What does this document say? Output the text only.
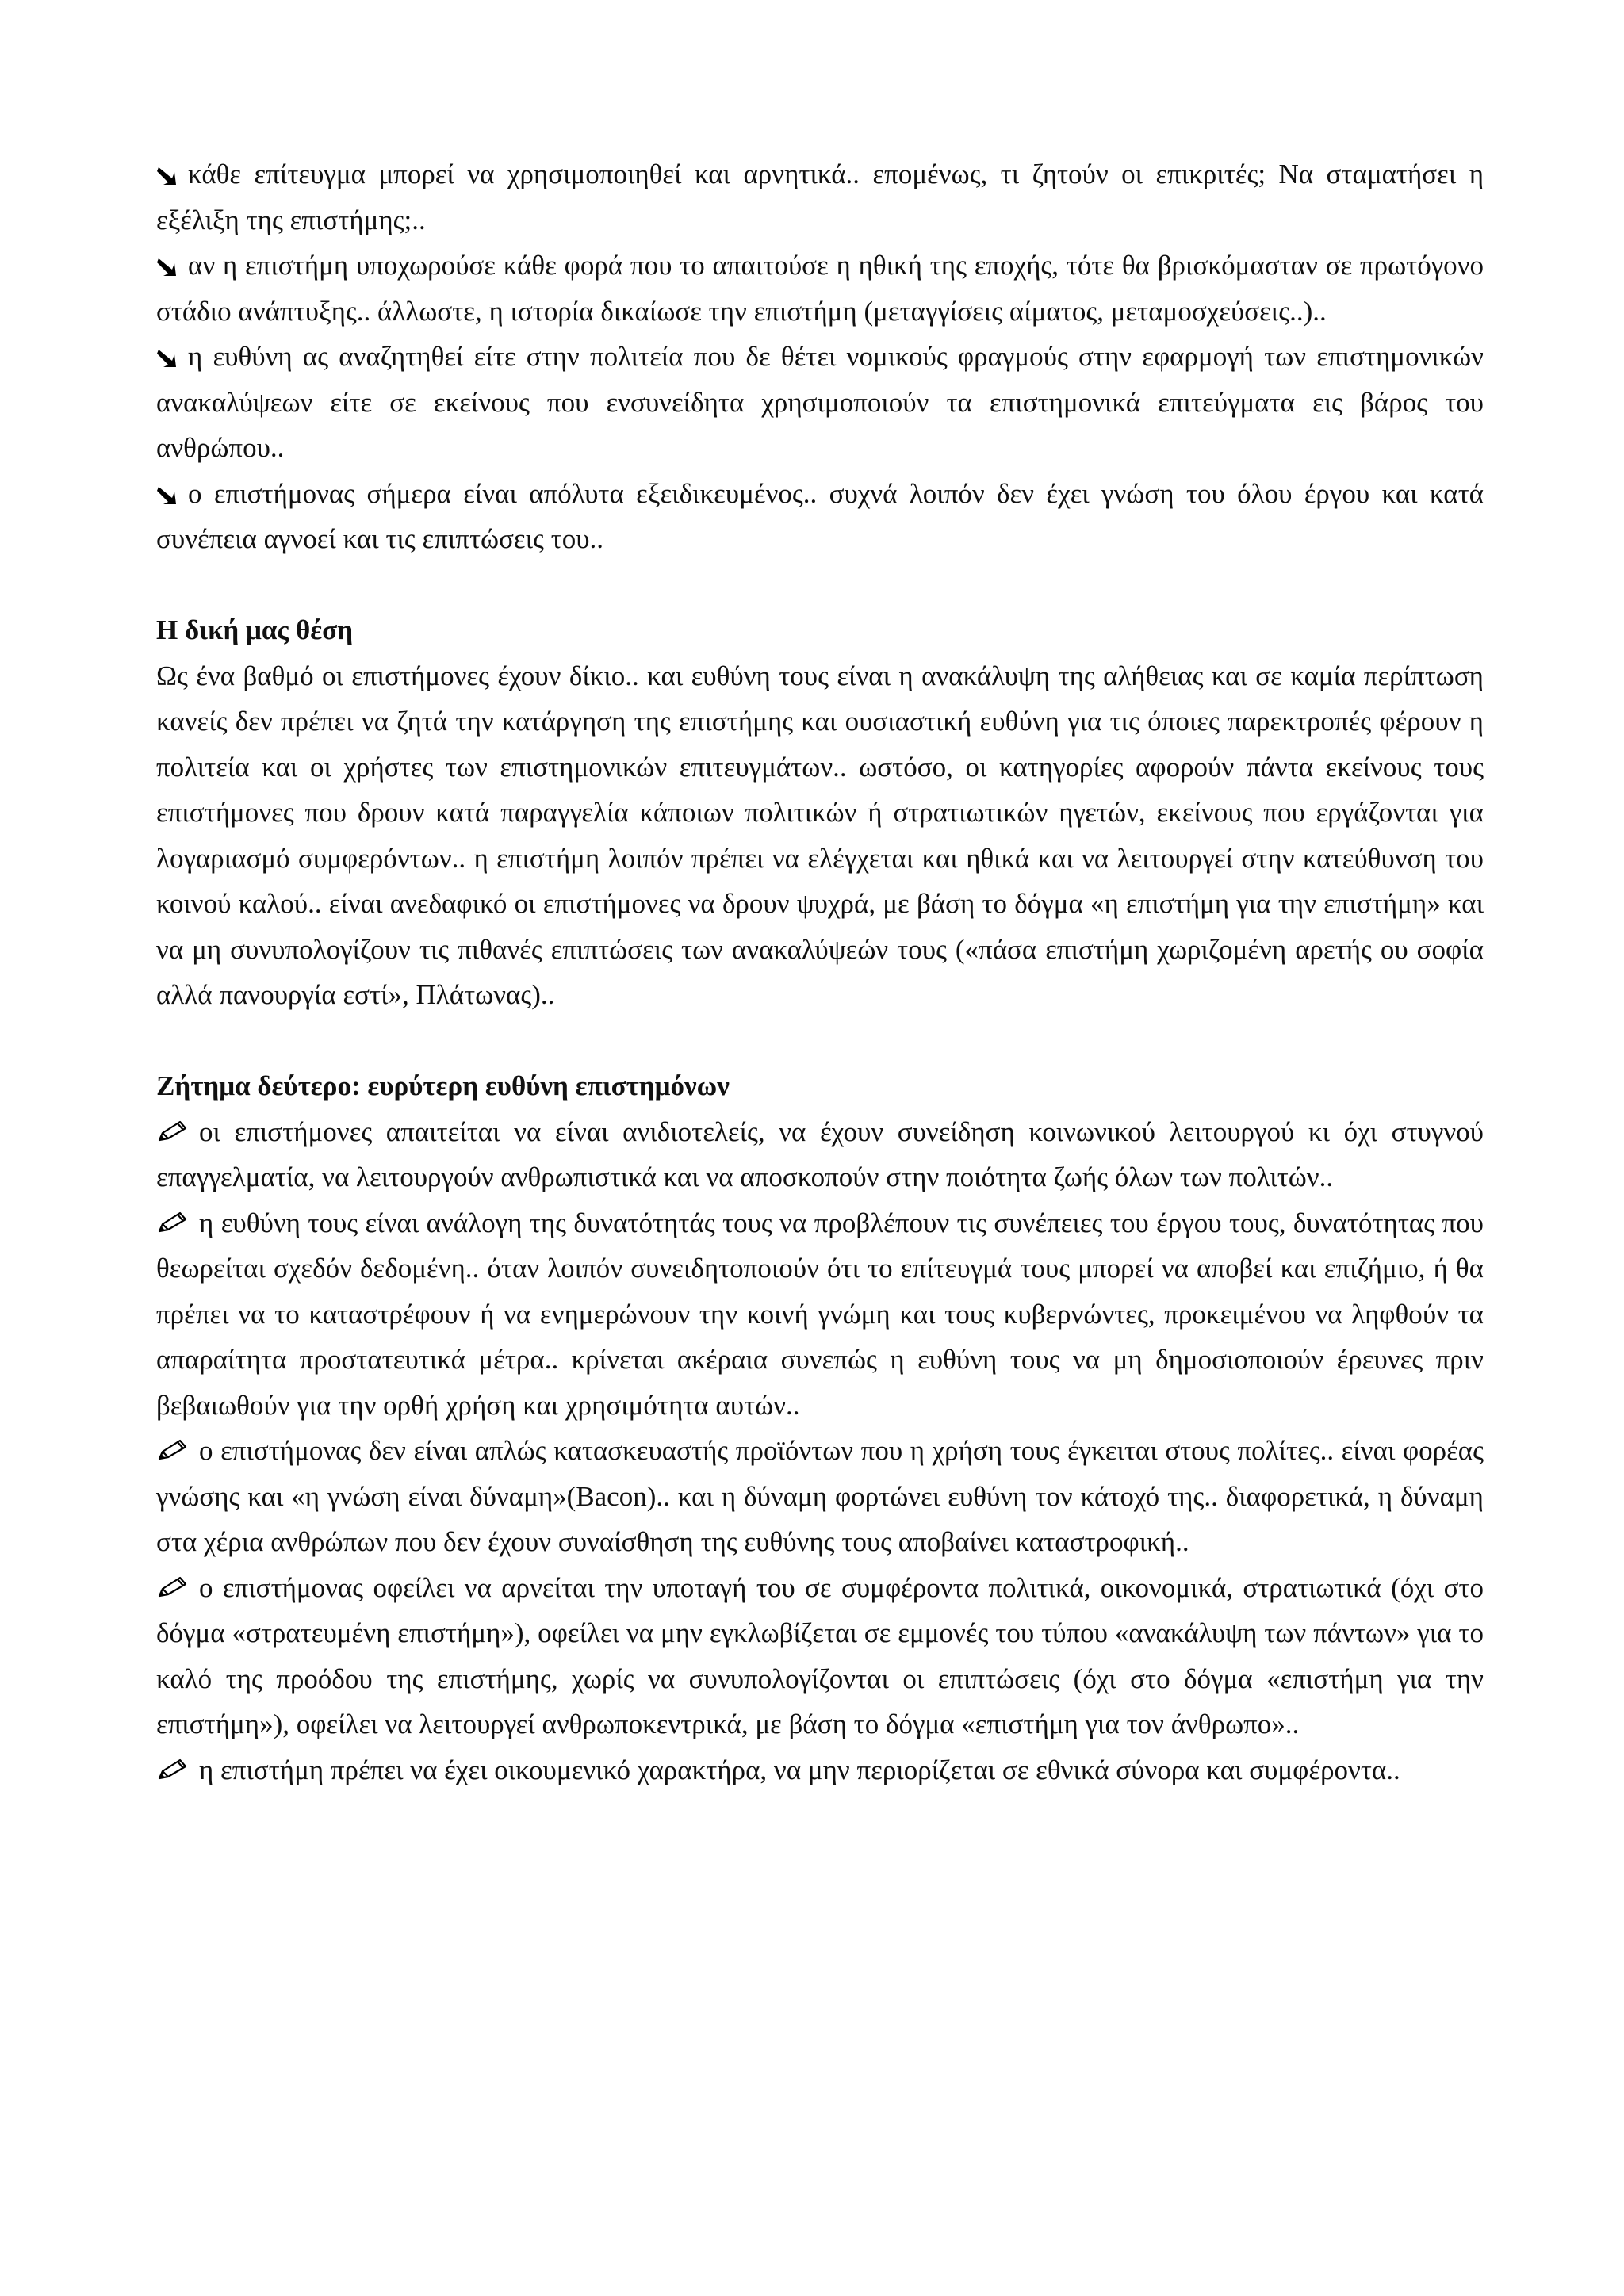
κάθε επίτευγμα μπορεί να χρησιμοποιηθεί και αρνητικά.. επομένως, τι ζητούν οι επικριτές; Να σταματήσει η εξέλιξη της επιστήμης;..

αν η επιστήμη υποχωρούσε κάθε φορά που το απαιτούσε η ηθική της εποχής, τότε θα βρισκόμασταν σε πρωτόγονο στάδιο ανάπτυξης.. άλλωστε, η ιστορία δικαίωσε την επιστήμη (μεταγγίσεις αίματος, μεταμοσχεύσεις..)..

η ευθύνη ας αναζητηθεί είτε στην πολιτεία που δε θέτει νομικούς φραγμούς στην εφαρμογή των επιστημονικών ανακαλύψεων είτε σε εκείνους που ενσυνείδητα χρησιμοποιούν τα επιστημονικά επιτεύγματα εις βάρος του ανθρώπου..

ο επιστήμονας σήμερα είναι απόλυτα εξειδικευμένος.. συχνά λοιπόν δεν έχει γνώση του όλου έργου και κατά συνέπεια αγνοεί και τις επιπτώσεις του..

Η δική μας θέση

Ως ένα βαθμό οι επιστήμονες έχουν δίκιο.. και ευθύνη τους είναι η ανακάλυψη της αλήθειας και σε καμία περίπτωση κανείς δεν πρέπει να ζητά την κατάργηση της επιστήμης και ουσιαστική ευθύνη για τις όποιες παρεκτροπές φέρουν η πολιτεία και οι χρήστες των επιστημονικών επιτευγμάτων.. ωστόσο, οι κατηγορίες αφορούν πάντα εκείνους τους επιστήμονες που δρουν κατά παραγγελία κάποιων πολιτικών ή στρατιωτικών ηγετών, εκείνους που εργάζονται για λογαριασμό συμφερόντων.. η επιστήμη λοιπόν πρέπει να ελέγχεται και ηθικά και να λειτουργεί στην κατεύθυνση του κοινού καλού.. είναι ανεδαφικό οι επιστήμονες να δρουν ψυχρά, με βάση το δόγμα «η επιστήμη για την επιστήμη» και να μη συνυπολογίζουν τις πιθανές επιπτώσεις των ανακαλύψεών τους («πάσα επιστήμη χωριζομένη αρετής ου σοφία αλλά πανουργία εστί», Πλάτωνας)..

Ζήτημα δεύτερο: ευρύτερη ευθύνη επιστημόνων

οι επιστήμονες απαιτείται να είναι ανιδιοτελείς, να έχουν συνείδηση κοινωνικού λειτουργού κι όχι στυγνού επαγγελματία, να λειτουργούν ανθρωπιστικά και να αποσκοπούν στην ποιότητα ζωής όλων των πολιτών..

η ευθύνη τους είναι ανάλογη της δυνατότητάς τους να προβλέπουν τις συνέπειες του έργου τους, δυνατότητας που θεωρείται σχεδόν δεδομένη.. όταν λοιπόν συνειδητοποιούν ότι το επίτευγμά τους μπορεί να αποβεί και επιζήμιο, ή θα πρέπει να το καταστρέφουν ή να ενημερώνουν την κοινή γνώμη και τους κυβερνώντες, προκειμένου να ληφθούν τα απαραίτητα προστατευτικά μέτρα.. κρίνεται ακέραια συνεπώς η ευθύνη τους να μη δημοσιοποιούν έρευνες πριν βεβαιωθούν για την ορθή χρήση και χρησιμότητα αυτών..

ο επιστήμονας δεν είναι απλώς κατασκευαστής προϊόντων που η χρήση τους έγκειται στους πολίτες.. είναι φορέας γνώσης και «η γνώση είναι δύναμη»(Bacon).. και η δύναμη φορτώνει ευθύνη τον κάτοχό της.. διαφορετικά, η δύναμη στα χέρια ανθρώπων που δεν έχουν συναίσθηση της ευθύνης τους αποβαίνει καταστροφική..

ο επιστήμονας οφείλει να αρνείται την υποταγή του σε συμφέροντα πολιτικά, οικονομικά, στρατιωτικά (όχι στο δόγμα «στρατευμένη επιστήμη»), οφείλει να μην εγκλωβίζεται σε εμμονές του τύπου «ανακάλυψη των πάντων» για το καλό της προόδου της επιστήμης, χωρίς να συνυπολογίζονται οι επιπτώσεις (όχι στο δόγμα «επιστήμη για την επιστήμη»), οφείλει να λειτουργεί ανθρωποκεντρικά, με βάση το δόγμα «επιστήμη για τον άνθρωπο»..

η επιστήμη πρέπει να έχει οικουμενικό χαρακτήρα, να μην περιορίζεται σε εθνικά σύνορα και συμφέροντα..
